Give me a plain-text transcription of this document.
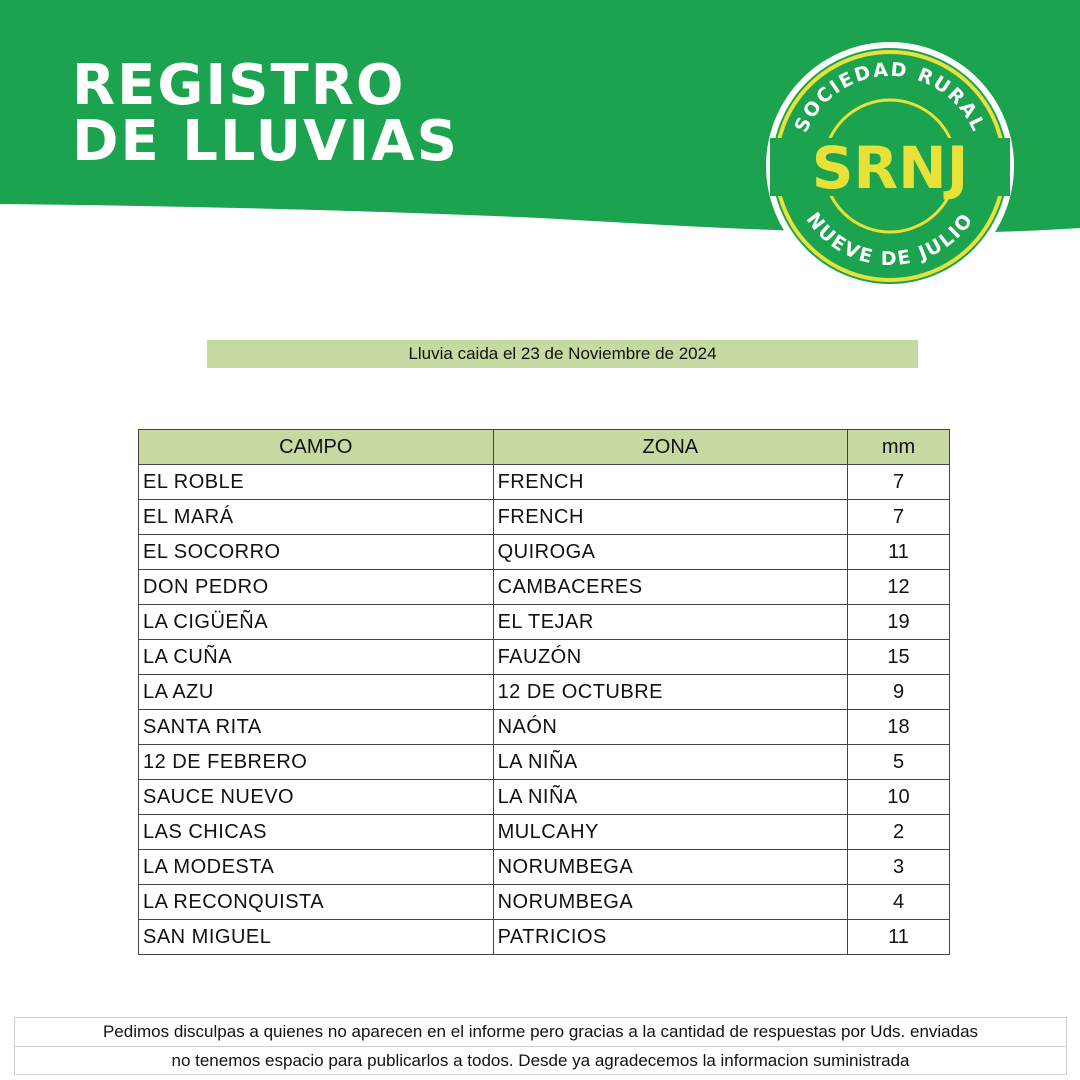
REGISTRO
DE LLUVIAS	SOCIEDAD RURAL
NUEVE DE JULIO
SRNJ
Lluvia caida el 23 de Noviembre de 2024
CAMPO	ZONA	mm
EL ROBLE	FRENCH	7
EL MARÁ	FRENCH	7
EL SOCORRO	QUIROGA	11
DON PEDRO	CAMBACERES	12
LA CIGÜEÑA	EL TEJAR	19
LA CUÑA	FAUZÓN	15
LA AZU	12 DE OCTUBRE	9
SANTA RITA	NAÓN	18
12 DE FEBRERO	LA NIÑA	5
SAUCE NUEVO	LA NIÑA	10
LAS CHICAS	MULCAHY	2
LA MODESTA	NORUMBEGA	3
LA RECONQUISTA	NORUMBEGA	4
SAN MIGUEL	PATRICIOS	11
Pedimos disculpas a quienes no aparecen en el informe pero gracias a la cantidad de respuestas por Uds. enviadas
no tenemos espacio para publicarlos a todos. Desde ya agradecemos la informacion suministrada
